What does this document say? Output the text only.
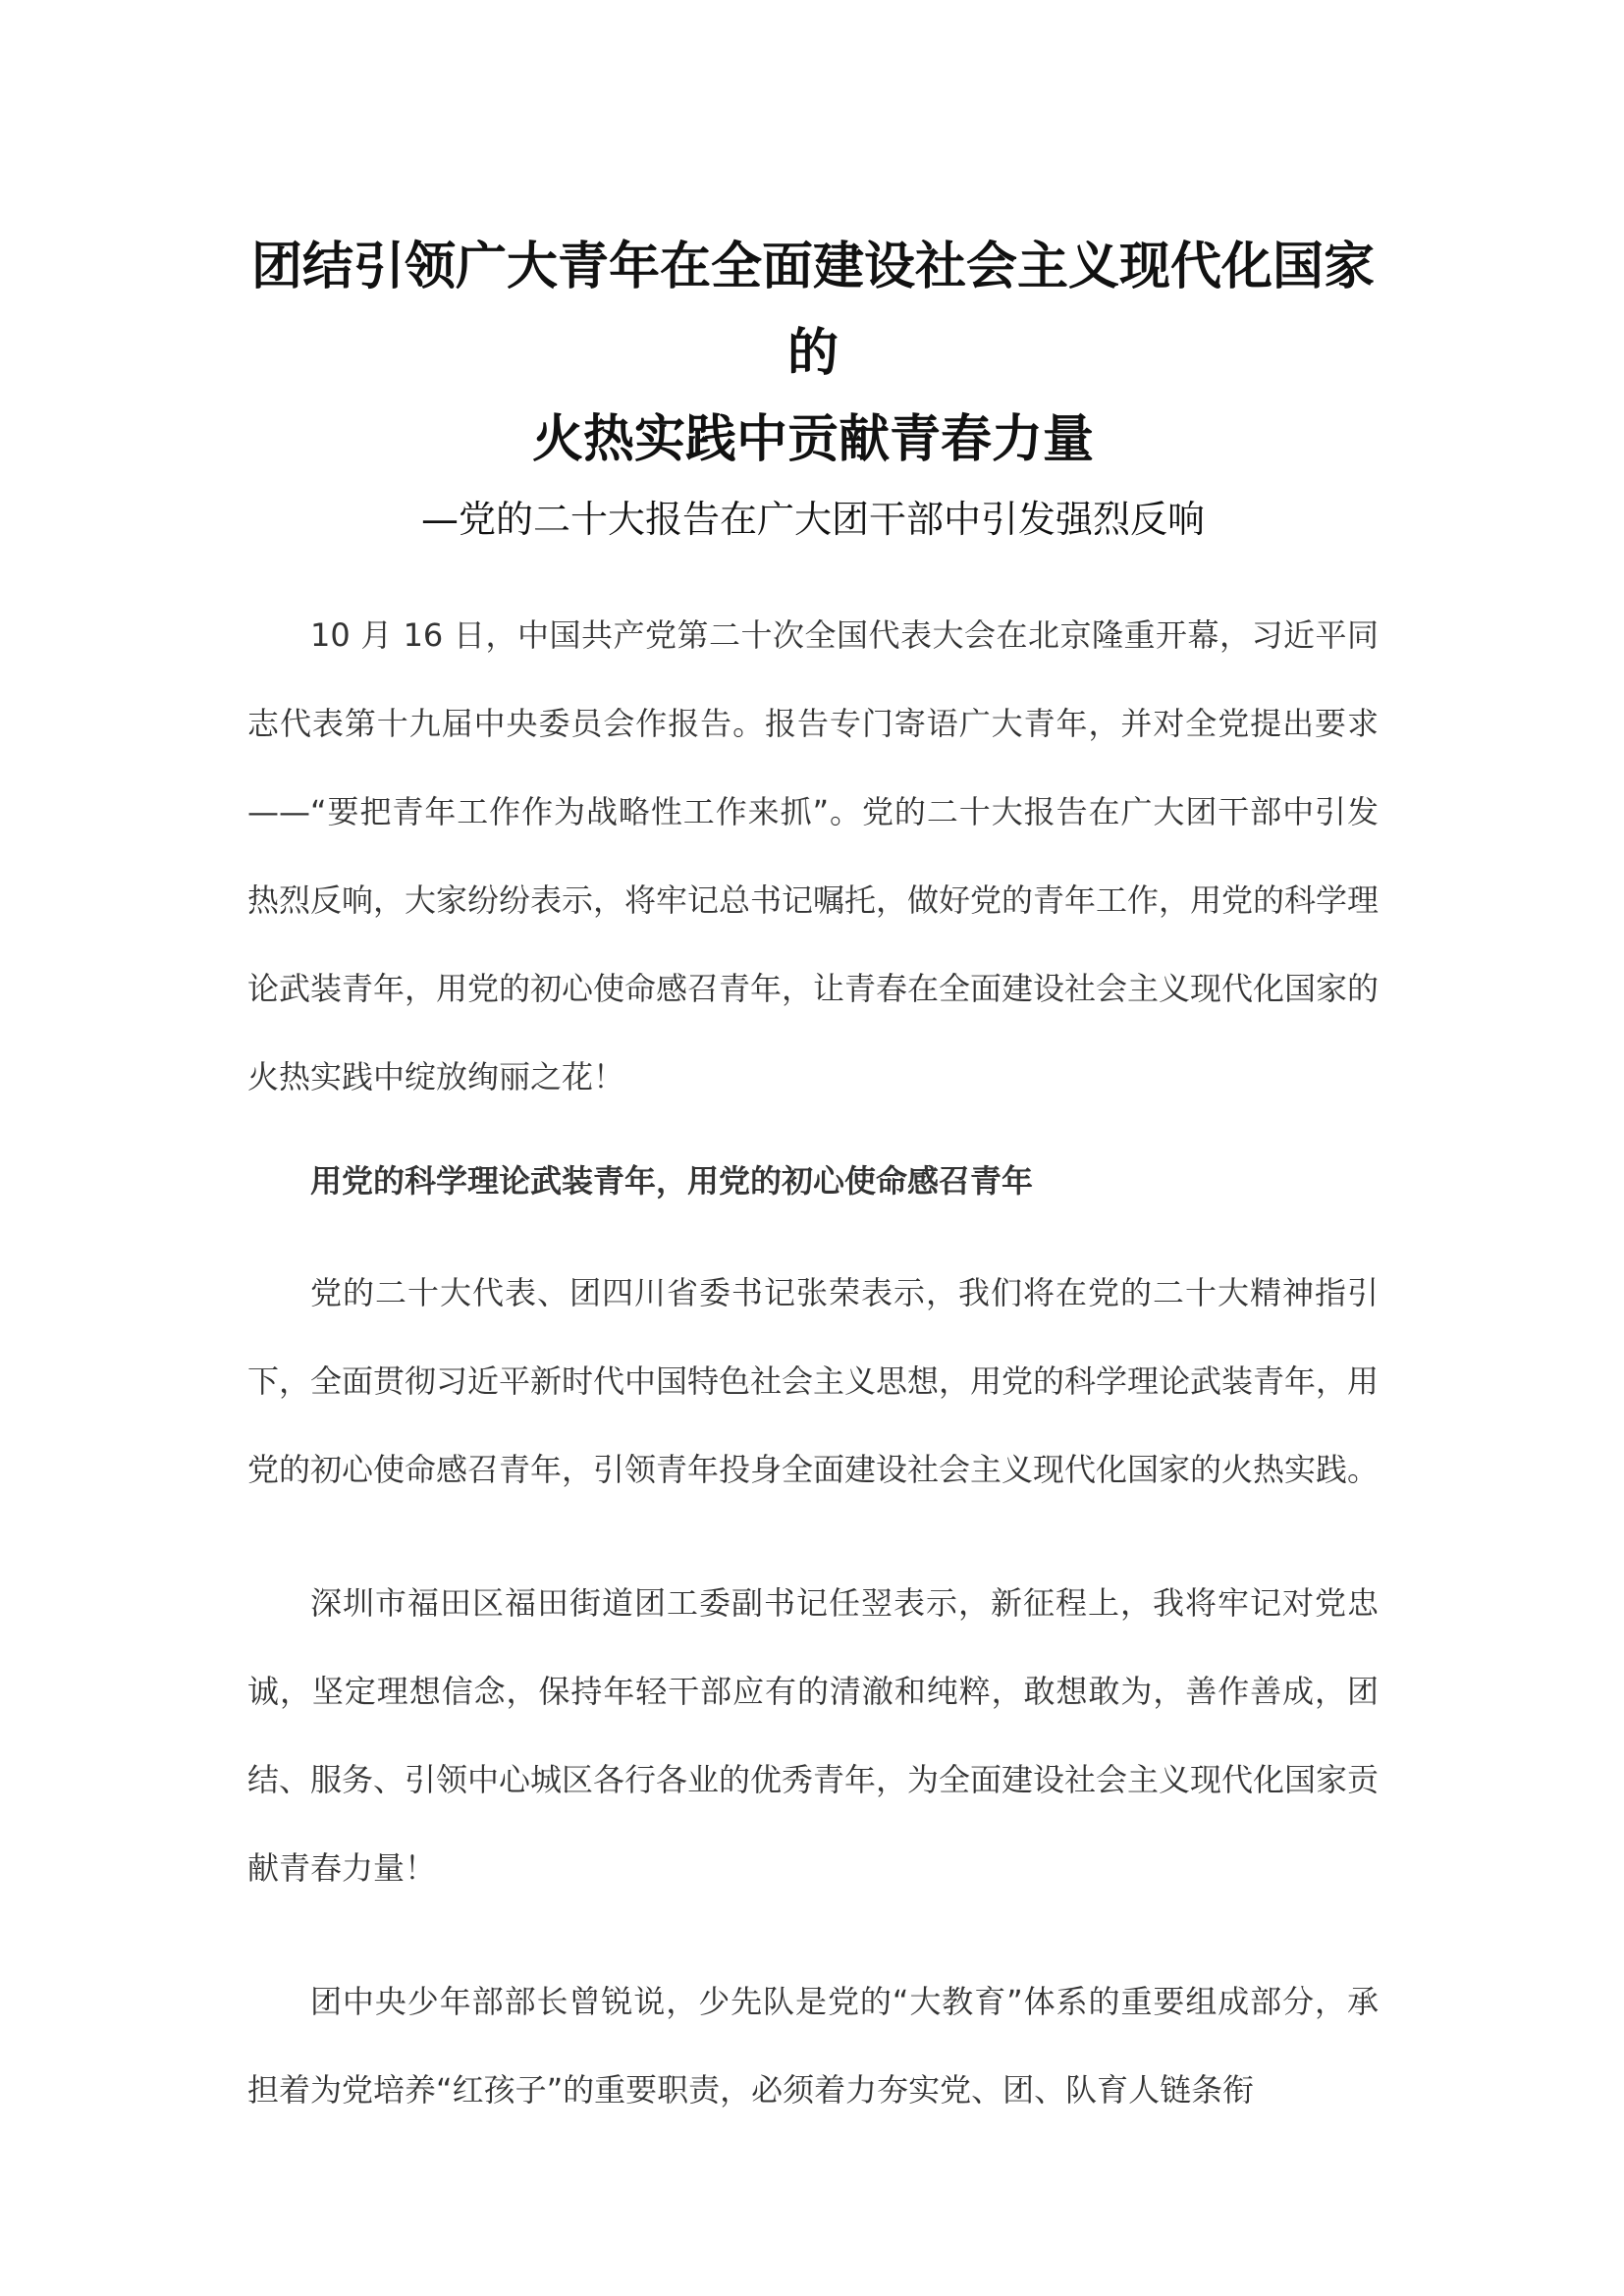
团结引领广大青年在全面建设社会主义现代化国家的
火热实践中贡献青春力量

—党的二十大报告在广大团干部中引发强烈反响

10 月 16 日，中国共产党第二十次全国代表大会在北京隆重开幕，习近平同志代表第十九届中央委员会作报告。报告专门寄语广大青年，并对全党提出要求——“要把青年工作作为战略性工作来抓”。党的二十大报告在广大团干部中引发热烈反响，大家纷纷表示，将牢记总书记嘱托，做好党的青年工作，用党的科学理论武装青年，用党的初心使命感召青年，让青春在全面建设社会主义现代化国家的火热实践中绽放绚丽之花！

用党的科学理论武装青年，用党的初心使命感召青年

党的二十大代表、团四川省委书记张荣表示，我们将在党的二十大精神指引下，全面贯彻习近平新时代中国特色社会主义思想，用党的科学理论武装青年，用党的初心使命感召青年，引领青年投身全面建设社会主义现代化国家的火热实践。

深圳市福田区福田街道团工委副书记任翌表示，新征程上，我将牢记对党忠诚，坚定理想信念，保持年轻干部应有的清澈和纯粹，敢想敢为，善作善成，团结、服务、引领中心城区各行各业的优秀青年，为全面建设社会主义现代化国家贡献青春力量！

团中央少年部部长曾锐说，少先队是党的“大教育”体系的重要组成部分，承担着为党培养“红孩子”的重要职责，必须着力夯实党、团、队育人链条衔
